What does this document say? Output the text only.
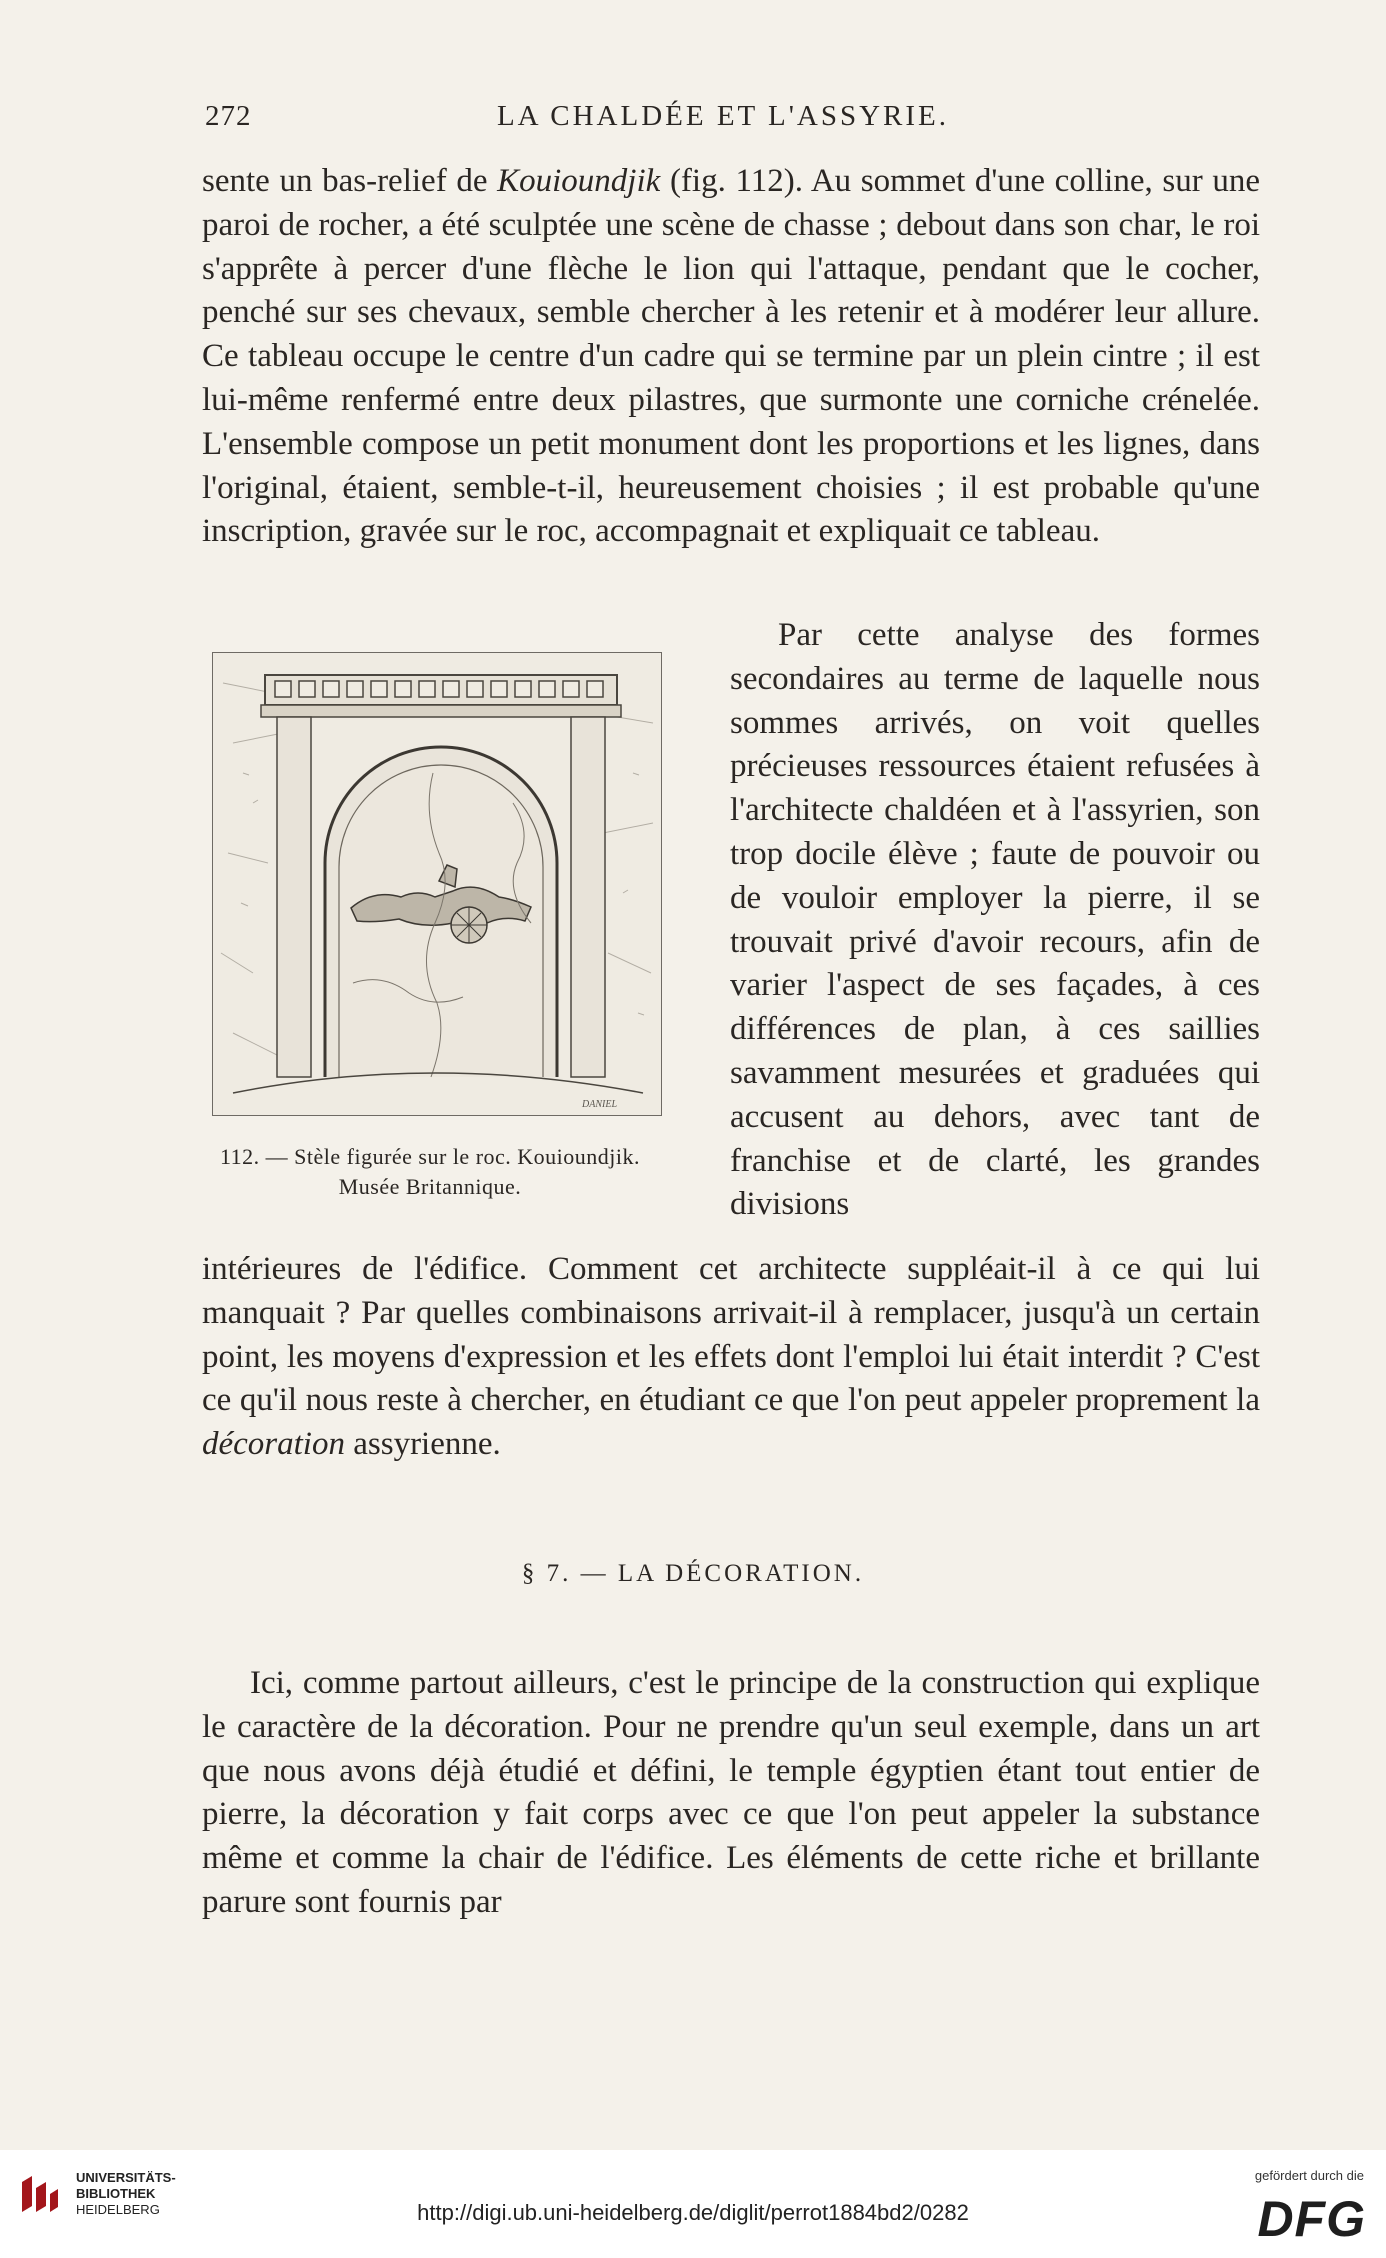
272	LA CHALDÉE ET L'ASSYRIE.

sente un bas-relief de Kouioundjik (fig. 112). Au sommet d'une colline, sur une paroi de rocher, a été sculptée une scène de chasse ; debout dans son char, le roi s'apprête à percer d'une flèche le lion qui l'attaque, pendant que le cocher, penché sur ses chevaux, semble chercher à les retenir et à modérer leur allure. Ce tableau occupe le centre d'un cadre qui se termine par un plein cintre ; il est lui-même renfermé entre deux pilastres, que surmonte une corniche crénelée. L'ensemble compose un petit monument dont les proportions et les lignes, dans l'original, étaient, semble-t-il, heureusement choisies ; il est probable qu'une inscription, gravée sur le roc, accompagnait et expliquait ce tableau.

DANIEL
112. — Stèle figurée sur le roc. Kouioundjik.
Musée Britannique.

Par cette analyse des formes secondaires au terme de laquelle nous sommes arrivés, on voit quelles précieuses ressources étaient refusées à l'architecte chaldéen et à l'assyrien, son trop docile élève ; faute de pouvoir ou de vouloir employer la pierre, il se trouvait privé d'avoir recours, afin de varier l'aspect de ses façades, à ces différences de plan, à ces saillies savamment mesurées et graduées qui accusent au dehors, avec tant de franchise et de clarté, les grandes divisions

intérieures de l'édifice. Comment cet architecte suppléait-il à ce qui lui manquait ? Par quelles combinaisons arrivait-il à remplacer, jusqu'à un certain point, les moyens d'expression et les effets dont l'emploi lui était interdit ? C'est ce qu'il nous reste à chercher, en étudiant ce que l'on peut appeler proprement la décoration assyrienne.

§ 7. — LA DÉCORATION.

Ici, comme partout ailleurs, c'est le principe de la construction qui explique le caractère de la décoration. Pour ne prendre qu'un seul exemple, dans un art que nous avons déjà étudié et défini, le temple égyptien étant tout entier de pierre, la décoration y fait corps avec ce que l'on peut appeler la substance même et comme la chair de l'édifice. Les éléments de cette riche et brillante parure sont fournis par

UNIVERSITÄTS-
BIBLIOTHEK
HEIDELBERG	http://digi.ub.uni-heidelberg.de/diglit/perrot1884bd2/0282
gefördert durch die
DFG
